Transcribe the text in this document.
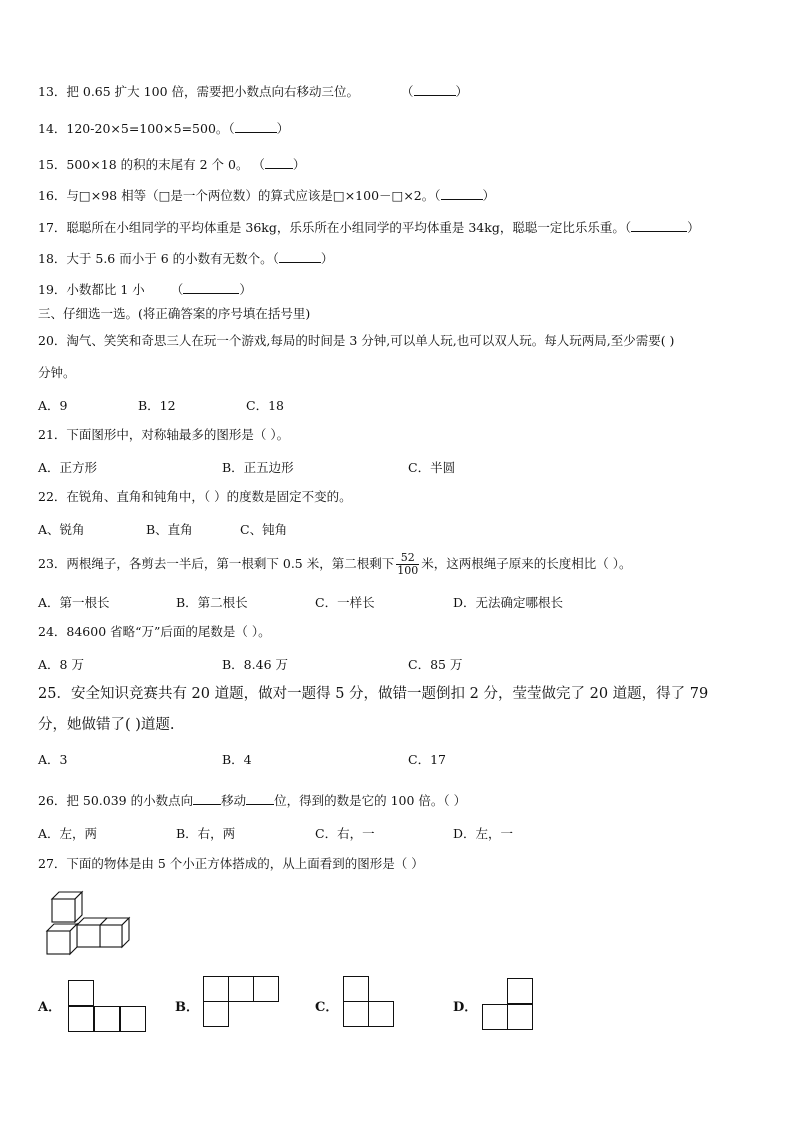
13．把 0.65 扩大 100 倍，需要把小数点向右移动三位。	（	）
14．120-20×5=100×5=500。（	）
15．500×18 的积的末尾有 2 个 0。 （ ）
16．与□×98 相等（□是一个两位数）的算式应该是□×100－□×2。（	）
17．聪聪所在小组同学的平均体重是 36kg，乐乐所在小组同学的平均体重是 34kg，聪聪一定比乐乐重。（	）
18．大于 5.6 而小于 6 的小数有无数个。（	）
19．小数都比 1 小 （	）
三、仔细选一选。(将正确答案的序号填在括号里)
20．淘气、笑笑和奇思三人在玩一个游戏,每局的时间是 3 分钟,可以单人玩,也可以双人玩。每人玩两局,至少需要( )
分钟。
A．9	B．12	C．18
21．下面图形中，对称轴最多的图形是（ ）。
A．正方形	B．正五边形	C．半圆
22．在锐角、直角和钝角中，（ ）的度数是固定不变的。
A、锐角	B、直角	C、钝角
23．两根绳子，各剪去一半后，第一根剩下 0.5 米，第二根剩下 $\frac{52}{100}$ 米，这两根绳子原来的长度相比（ ）。
A．第一根长	B．第二根长	C．一样长	D．无法确定哪根长
24．84600 省略“万”后面的尾数是（ ）。
A．8 万	B．8.46 万	C．85 万
25．安全知识竞赛共有 20 道题，做对一题得 5 分，做错一题倒扣 2 分，莹莹做完了 20 道题，得了 79
分，她做错了( )道题.
A．3	B．4	C．17
26．把 50.039 的小数点向 移动 位，得到的数是它的 100 倍。（ ）
A．左，两	B．右，两	C．右，一	D．左，一
27．下面的物体是由 5 个小正方体搭成的，从上面看到的图形是（ ）
A．	B．	C．	D．
